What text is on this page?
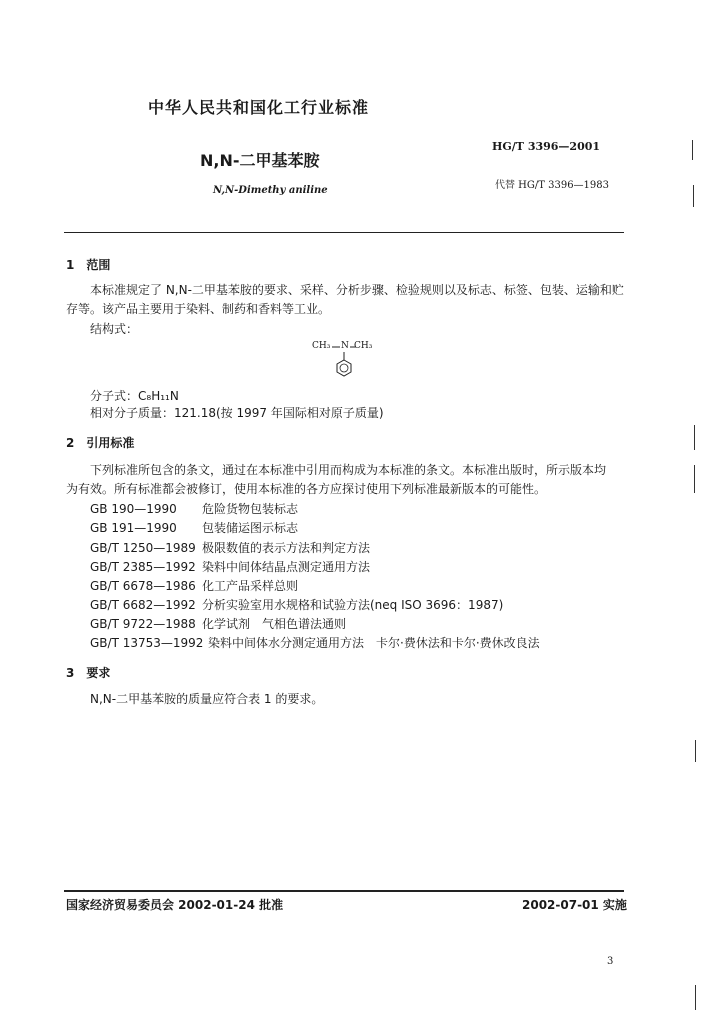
中华人民共和国化工行业标准
HG/T 3396—2001
N,N-二甲基苯胺
代替 HG/T 3396—1983
N,N-Dimethy aniline
1　范围
本标准规定了 N,N-二甲基苯胺的要求、采样、分析步骤、检验规则以及标志、标签、包装、运输和贮
存等。该产品主要用于染料、制药和香料等工业。
结构式：
CH₃ N CH₃
分子式：C₈H₁₁N
相对分子质量：121.18(按 1997 年国际相对原子质量)
2　引用标准
下列标准所包含的条文，通过在本标准中引用而构成为本标准的条文。本标准出版时，所示版本均
为有效。所有标准都会被修订，使用本标准的各方应探讨使用下列标准最新版本的可能性。
GB 190—1990 危险货物包装标志
GB 191—1990 包装储运图示标志
GB/T 1250—1989 极限数值的表示方法和判定方法
GB/T 2385—1992 染料中间体结晶点测定通用方法
GB/T 6678—1986 化工产品采样总则
GB/T 6682—1992 分析实验室用水规格和试验方法(neq ISO 3696：1987)
GB/T 9722—1988 化学试剂　气相色谱法通则
GB/T 13753—1992 染料中间体水分测定通用方法　卡尔·费休法和卡尔·费休改良法
3　要求
N,N-二甲基苯胺的质量应符合表 1 的要求。
国家经济贸易委员会 2002-01-24 批准	2002-07-01 实施
3
